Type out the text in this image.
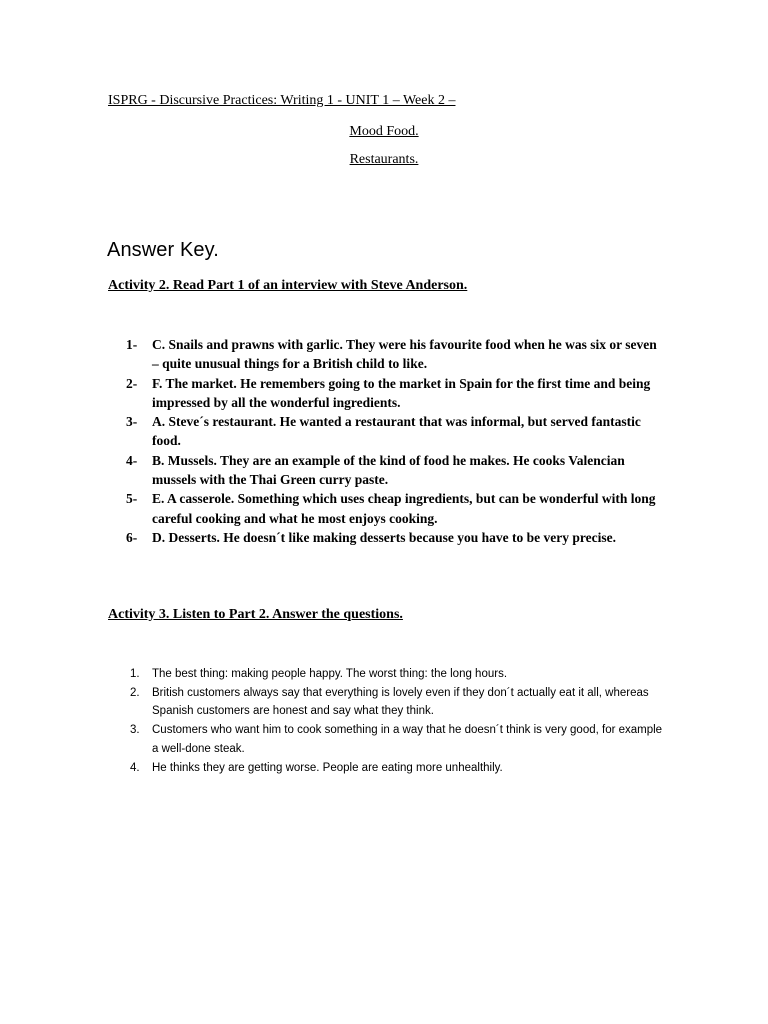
ISPRG - Discursive Practices: Writing 1 - UNIT 1 – Week 2 –
Mood Food.
Restaurants.
Answer Key.
Activity 2. Read Part 1 of an interview with Steve Anderson.
1-	C. Snails and prawns with garlic. They were his favourite food when he was six or seven – quite unusual things for a British child to like.
2-	F. The market. He remembers going to the market in Spain for the first time and being impressed by all the wonderful ingredients.
3-	A. Steve´s restaurant. He wanted a restaurant that was informal, but served fantastic food.
4-	B. Mussels. They are an example of the kind of food he makes. He cooks Valencian mussels with the Thai Green curry paste.
5-	E. A casserole. Something which uses cheap ingredients, but can be wonderful with long careful cooking and what he most enjoys cooking.
6-	D. Desserts. He doesn´t like making desserts because you have to be very precise.
Activity 3. Listen to Part 2. Answer the questions.
1.	The best thing: making people happy. The worst thing: the long hours.
2.	British customers always say that everything is lovely even if they don´t actually eat it all, whereas Spanish customers are honest and say what they think.
3.	Customers who want him to cook something in a way that he doesn´t think is very good, for example a well-done steak.
4.	He thinks they are getting worse. People are eating more unhealthily.
